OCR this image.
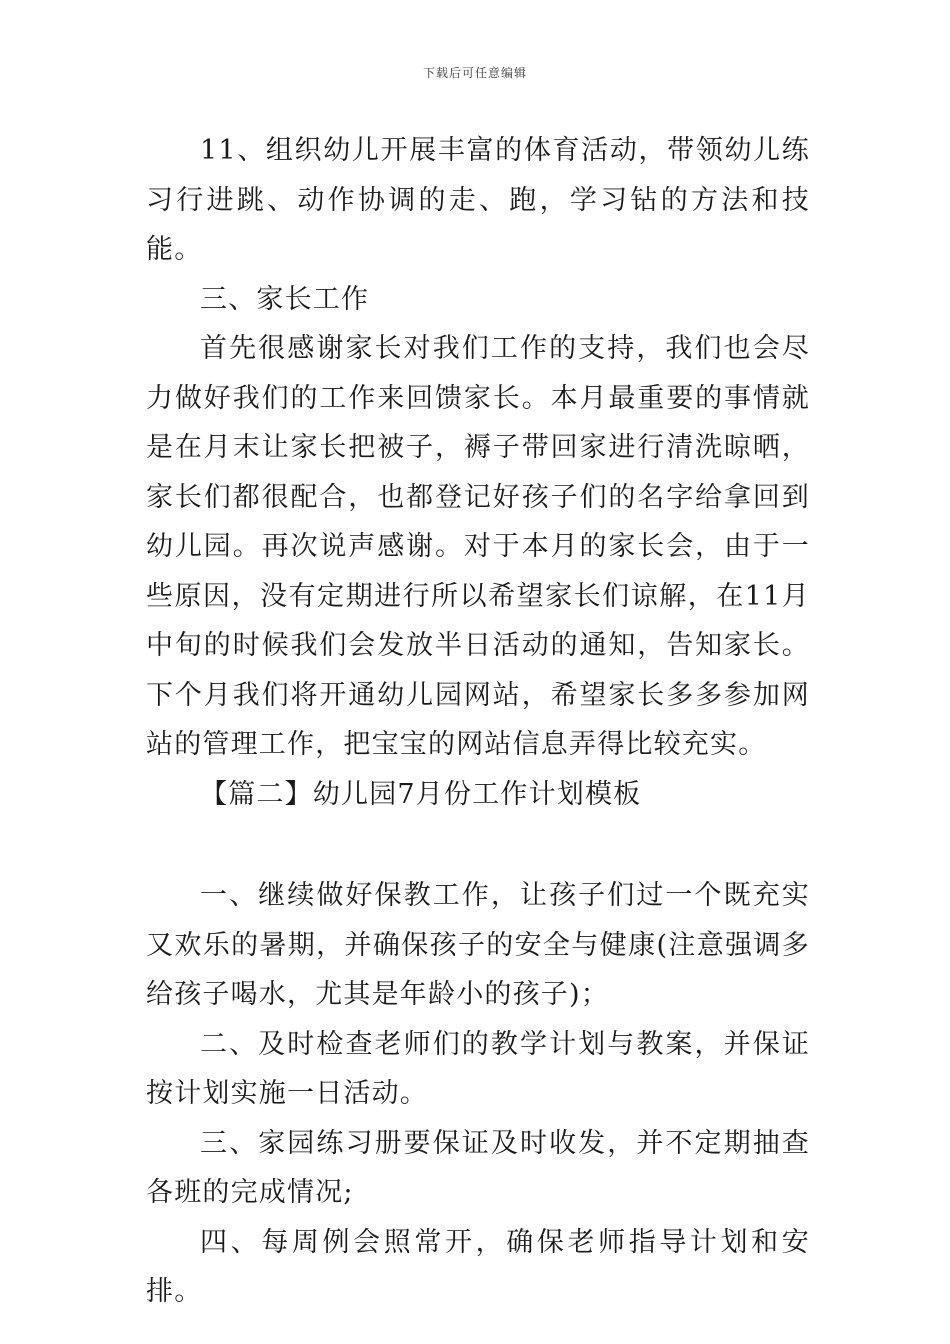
下载后可任意编辑

11、组织幼儿开展丰富的体育活动，带领幼儿练习行进跳、动作协调的走、跑，学习钻的方法和技能。

三、家长工作

首先很感谢家长对我们工作的支持，我们也会尽力做好我们的工作来回馈家长。本月最重要的事情就是在月末让家长把被子，褥子带回家进行清洗晾晒，家长们都很配合，也都登记好孩子们的名字给拿回到幼儿园。再次说声感谢。对于本月的家长会，由于一些原因，没有定期进行所以希望家长们谅解，在11月中旬的时候我们会发放半日活动的通知，告知家长。下个月我们将开通幼儿园网站，希望家长多多参加网站的管理工作，把宝宝的网站信息弄得比较充实。

【篇二】幼儿园7月份工作计划模板

一、继续做好保教工作，让孩子们过一个既充实又欢乐的暑期，并确保孩子的安全与健康(注意强调多给孩子喝水，尤其是年龄小的孩子)；

二、及时检查老师们的教学计划与教案，并保证按计划实施一日活动。

三、家园练习册要保证及时收发，并不定期抽查各班的完成情况;

四、每周例会照常开，确保老师指导计划和安排。
